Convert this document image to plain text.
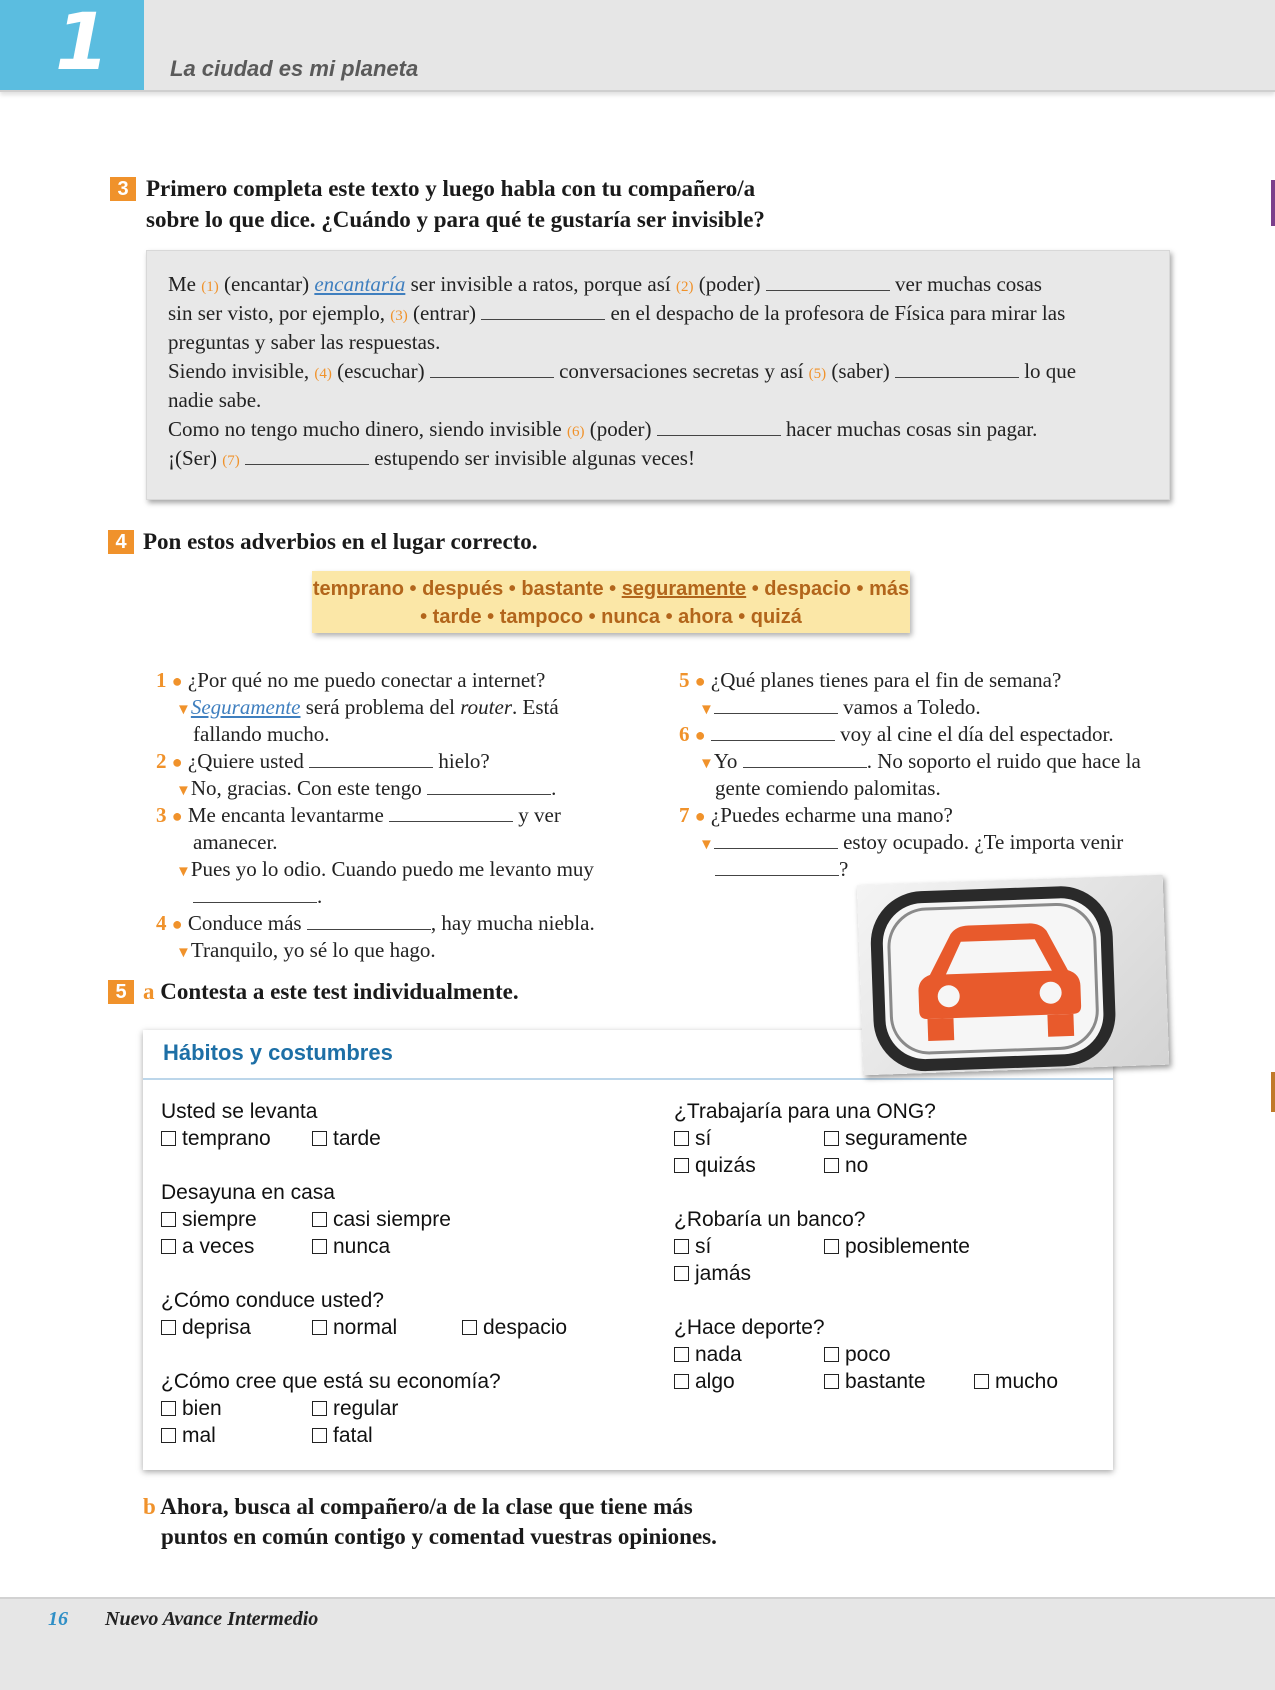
1	La ciudad es mi planeta
3 Primero completa este texto y luego habla con tu compañero/a
sobre lo que dice. ¿Cuándo y para qué te gustaría ser invisible?
Me (1) (encantar) encantaría ser invisible a ratos, porque así (2) (poder)	ver muchas cosas
sin ser visto, por ejemplo, (3) (entrar)	en el despacho de la profesora de Física para mirar las
preguntas y saber las respuestas.
Siendo invisible, (4) (escuchar)	conversaciones secretas y así (5) (saber)	lo que
nadie sabe.
Como no tengo mucho dinero, siendo invisible (6) (poder)	hacer muchas cosas sin pagar.
¡(Ser) (7)	estupendo ser invisible algunas veces!
4 Pon estos adverbios en el lugar correcto.
temprano • después • bastante • seguramente • despacio • más
• tarde • tampoco • nunca • ahora • quizá
1 ● ¿Por qué no me puedo conectar a internet?
▼Seguramente será problema del router. Está
fallando mucho.
2 ● ¿Quiere usted	hielo?
▼No, gracias. Con este tengo	.
3 ● Me encanta levantarme	y ver
amanecer.
▼Pues yo lo odio. Cuando puedo me levanto muy
.
4 ● Conduce más	, hay mucha niebla.
▼Tranquilo, yo sé lo que hago.
5 ● ¿Qué planes tienes para el fin de semana?
▼	vamos a Toledo.
6 ●	voy al cine el día del espectador.
▼Yo	. No soporto el ruido que hace la
gente comiendo palomitas.
7 ● ¿Puedes echarme una mano?
▼	estoy ocupado. ¿Te importa venir
?
5 a Contesta a este test individualmente.
Hábitos y costumbres
Usted se levanta
temprano	tarde
Desayuna en casa
siempre	casi siempre
a veces	nunca
¿Cómo conduce usted?
deprisa	normal	despacio
¿Cómo cree que está su economía?
bien	regular
mal	fatal
¿Trabajaría para una ONG?
sí	seguramente
quizás	no
¿Robaría un banco?
sí	posiblemente
jamás
¿Hace deporte?
nada	poco
algo	bastante	mucho
b Ahora, busca al compañero/a de la clase que tiene más
puntos en común contigo y comentad vuestras opiniones.
16 Nuevo Avance Intermedio
